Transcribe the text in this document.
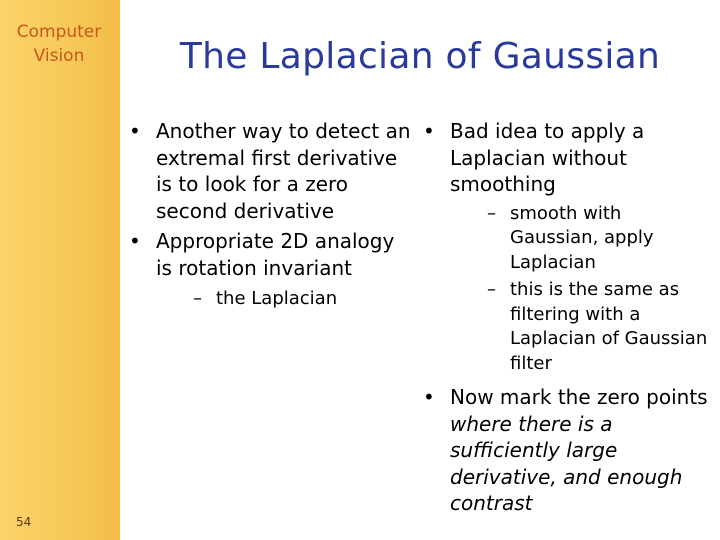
Computer
Vision
54
The Laplacian of Gaussian
• Another way to detect an extremal first derivative is to look for a zero second derivative
• Appropriate 2D analogy is rotation invariant
– the Laplacian
• Bad idea to apply a Laplacian without smoothing
– smooth with Gaussian, apply Laplacian
– this is the same as filtering with a Laplacian of Gaussian filter
• Now mark the zero points where there is a sufficiently large derivative, and enough contrast
